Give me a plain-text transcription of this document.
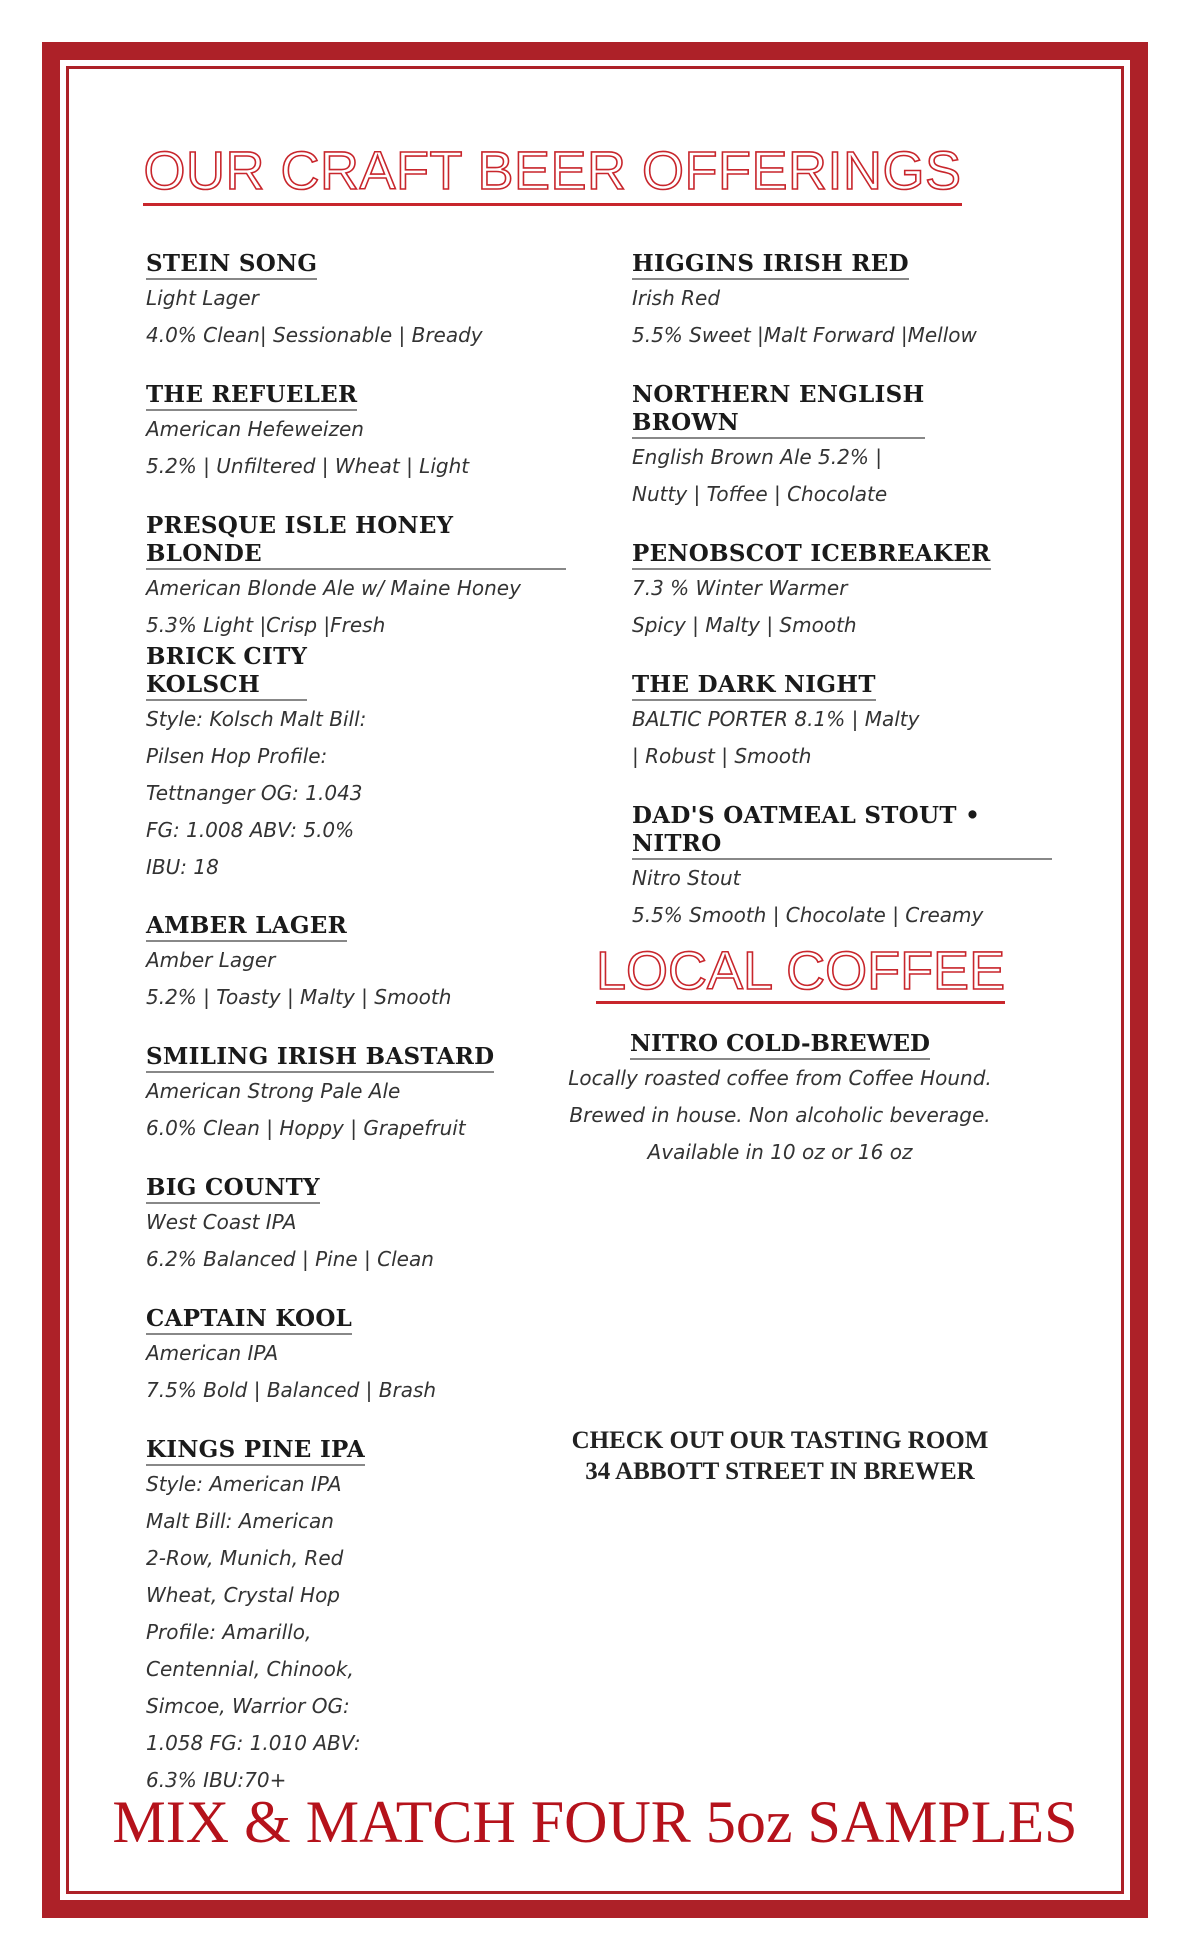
OUR CRAFT BEER OFFERINGS
STEIN SONG
Light Lager
4.0% Clean| Sessionable | Bready
THE REFUELER
American Hefeweizen
5.2% | Unfiltered | Wheat | Light
PRESQUE ISLE HONEY BLONDE
American Blonde Ale w/ Maine Honey
5.3% Light |Crisp |Fresh
BRICK CITY
KOLSCH
Style: Kolsch Malt Bill:
Pilsen Hop Profile:
Tettnanger OG: 1.043
FG: 1.008 ABV: 5.0%
IBU: 18
AMBER LAGER
Amber Lager
5.2% | Toasty | Malty | Smooth
SMILING IRISH BASTARD
American Strong Pale Ale
6.0% Clean | Hoppy | Grapefruit
BIG COUNTY
West Coast IPA
6.2% Balanced | Pine | Clean
CAPTAIN KOOL
American IPA
7.5% Bold | Balanced | Brash
KINGS PINE IPA
Style: American IPA
Malt Bill: American
2-Row, Munich, Red
Wheat, Crystal Hop
Profile: Amarillo,
Centennial, Chinook,
Simcoe, Warrior OG:
1.058 FG: 1.010 ABV:
6.3% IBU:70+
HIGGINS IRISH RED
Irish Red
5.5% Sweet |Malt Forward |Mellow
NORTHERN ENGLISH
BROWN
English Brown Ale 5.2% |
Nutty | Toffee | Chocolate
PENOBSCOT ICEBREAKER
7.3 % Winter Warmer
Spicy | Malty | Smooth
THE DARK NIGHT
BALTIC PORTER 8.1% | Malty
| Robust | Smooth
DAD'S OATMEAL STOUT • NITRO
Nitro Stout
5.5% Smooth | Chocolate | Creamy
LOCAL COFFEE
NITRO COLD-BREWED
Locally roasted coffee from Coffee Hound.
Brewed in house. Non alcoholic beverage.
Available in 10 oz or 16 oz
CHECK OUT OUR TASTING ROOM
34 ABBOTT STREET IN BREWER
MIX & MATCH FOUR 5oz SAMPLES
